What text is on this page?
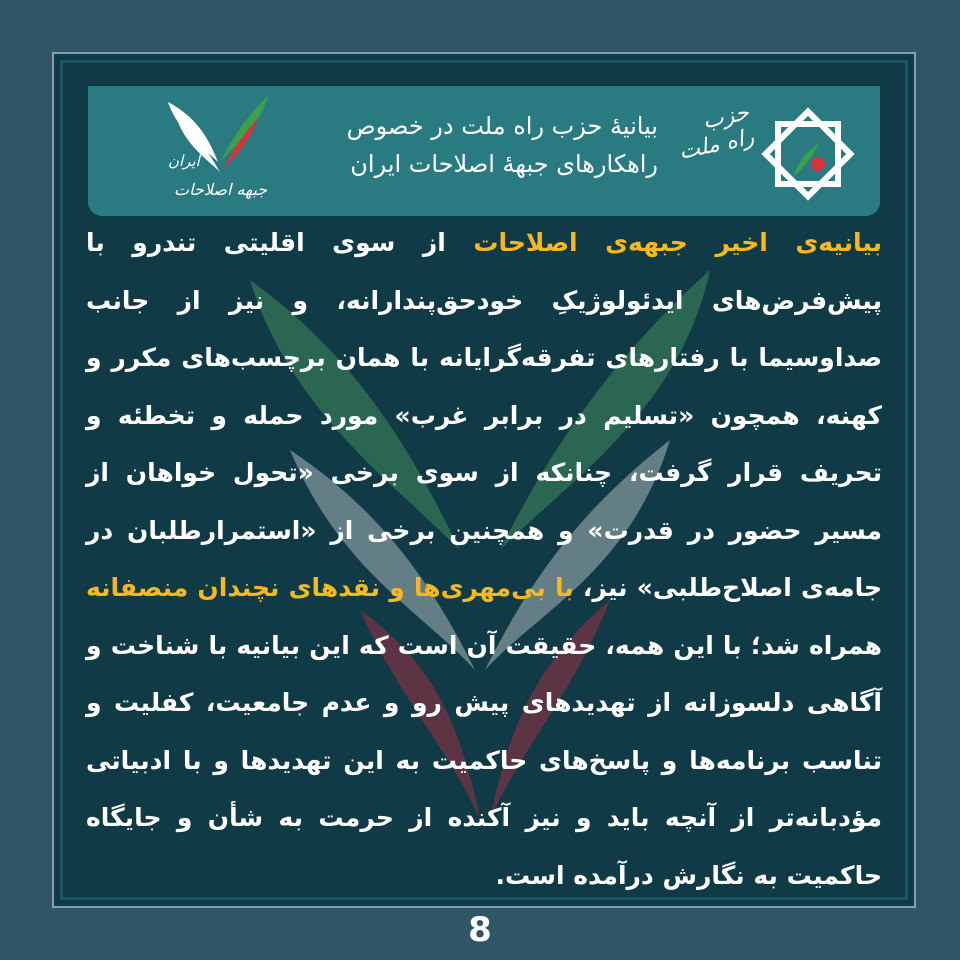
ایران
جبهه اصلاحات
بیانیهٔ حزب راه ملت در خصوص
راهکارهای جبههٔ اصلاحات ایران
حزب راه ملت
بیانیه‌ی اخیر جبهه‌ی اصلاحات از سوی اقلیتی تندرو با پیش‌فرض‌های ایدئولوژیکِ خودحق‌پندارانه، و نیز از جانب صداوسیما با رفتارهای تفرقه‌گرایانه با همان برچسب‌های مکرر و کهنه، همچون «تسلیم در برابر غرب» مورد حمله و تخطئه و تحریف قرار گرفت، چنانکه از سوی برخی «تحول خواهان از مسیر حضور در قدرت» و همچنین برخی از «استمرارطلبان در جامه‌ی اصلاح‌طلبی» نیز، با بی‌مهری‌ها و نقدهای نچندان منصفانه همراه شد؛ با این همه، حقیقت آن است که این بیانیه با شناخت و آگاهی دلسوزانه از تهدیدهای پیش رو و عدم جامعیت، کفلیت و تناسب برنامه‌ها و پاسخ‌های حاکمیت به این تهدیدها و با ادبیاتی مؤدبانه‌تر از آنچه باید و نیز آکنده از حرمت به شأن و جایگاه حاکمیت به نگارش درآمده است.
8
